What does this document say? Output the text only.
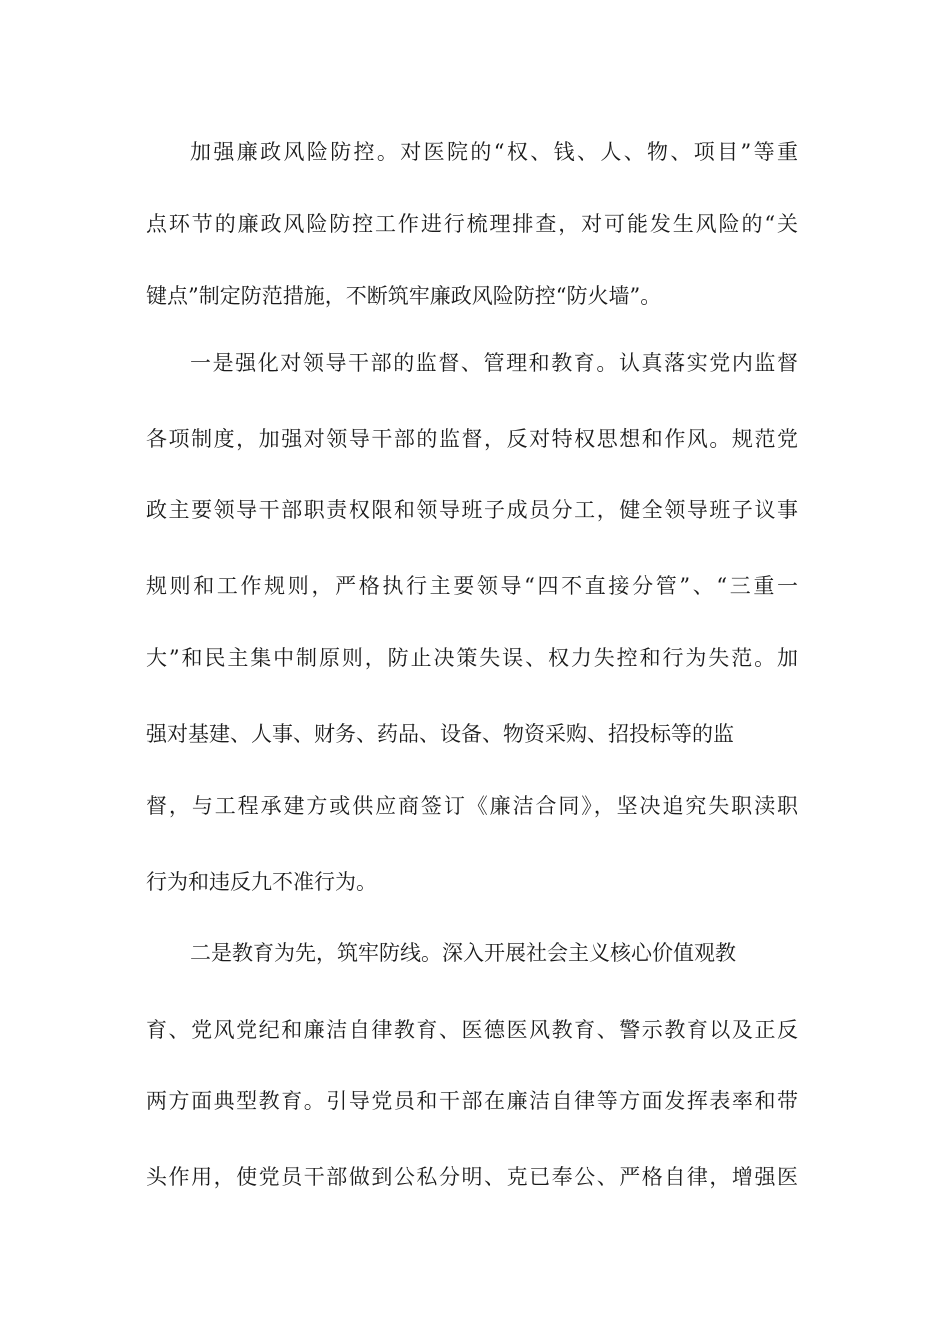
加强廉政风险防控。对医院的“权、钱、人、物、项目”等重
点环节的廉政风险防控工作进行梳理排查，对可能发生风险的“关
键点”制定防范措施，不断筑牢廉政风险防控“防火墙”。
一是强化对领导干部的监督、管理和教育。认真落实党内监督
各项制度，加强对领导干部的监督，反对特权思想和作风。规范党
政主要领导干部职责权限和领导班子成员分工，健全领导班子议事
规则和工作规则，严格执行主要领导“四不直接分管”、“三重一
大”和民主集中制原则，防止决策失误、权力失控和行为失范。加
强对基建、人事、财务、药品、设备、物资采购、招投标等的监
督，与工程承建方或供应商签订《廉洁合同》，坚决追究失职渎职
行为和违反九不准行为。
二是教育为先，筑牢防线。深入开展社会主义核心价值观教
育、党风党纪和廉洁自律教育、医德医风教育、警示教育以及正反
两方面典型教育。引导党员和干部在廉洁自律等方面发挥表率和带
头作用，使党员干部做到公私分明、克已奉公、严格自律，增强医
